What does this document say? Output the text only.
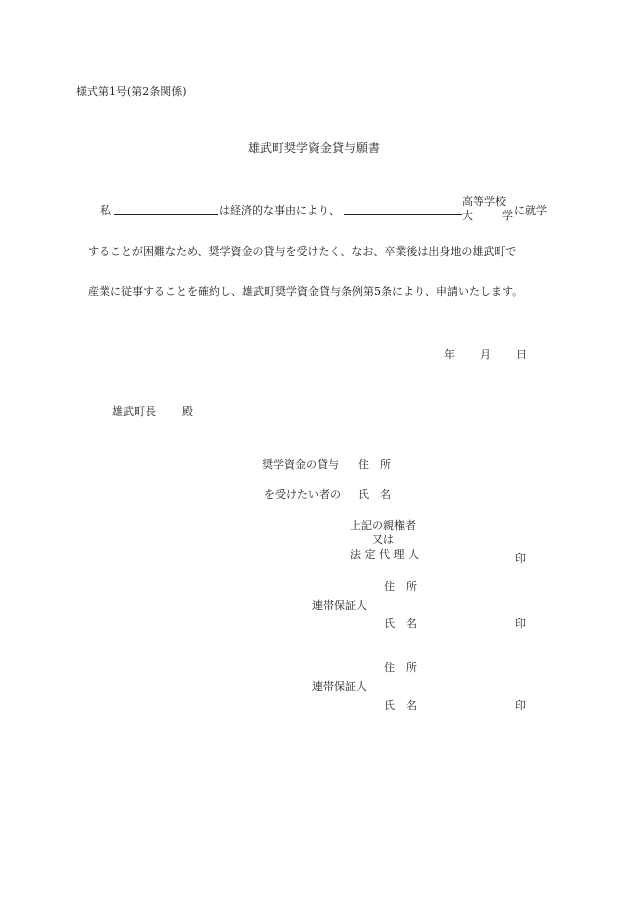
様式第1号(第2条関係)
雄武町奨学資金貸与願書
私	は経済的な事由により、
高等学校
大	学 に就学
することが困難なため、奨学資金の貸与を受けたく、なお、卒業後は出身地の雄武町で
産業に従事することを確約し、雄武町奨学資金貸与条例第5条により、申請いたします。
年 月 日
雄武町長 殿
奨学資金の貸与 住　所
を受けたい者の 氏　名
上記の親権者
又は
法 定 代 理 人	印
住　所
連帯保証人
氏　名	印
住　所
連帯保証人
氏　名	印
